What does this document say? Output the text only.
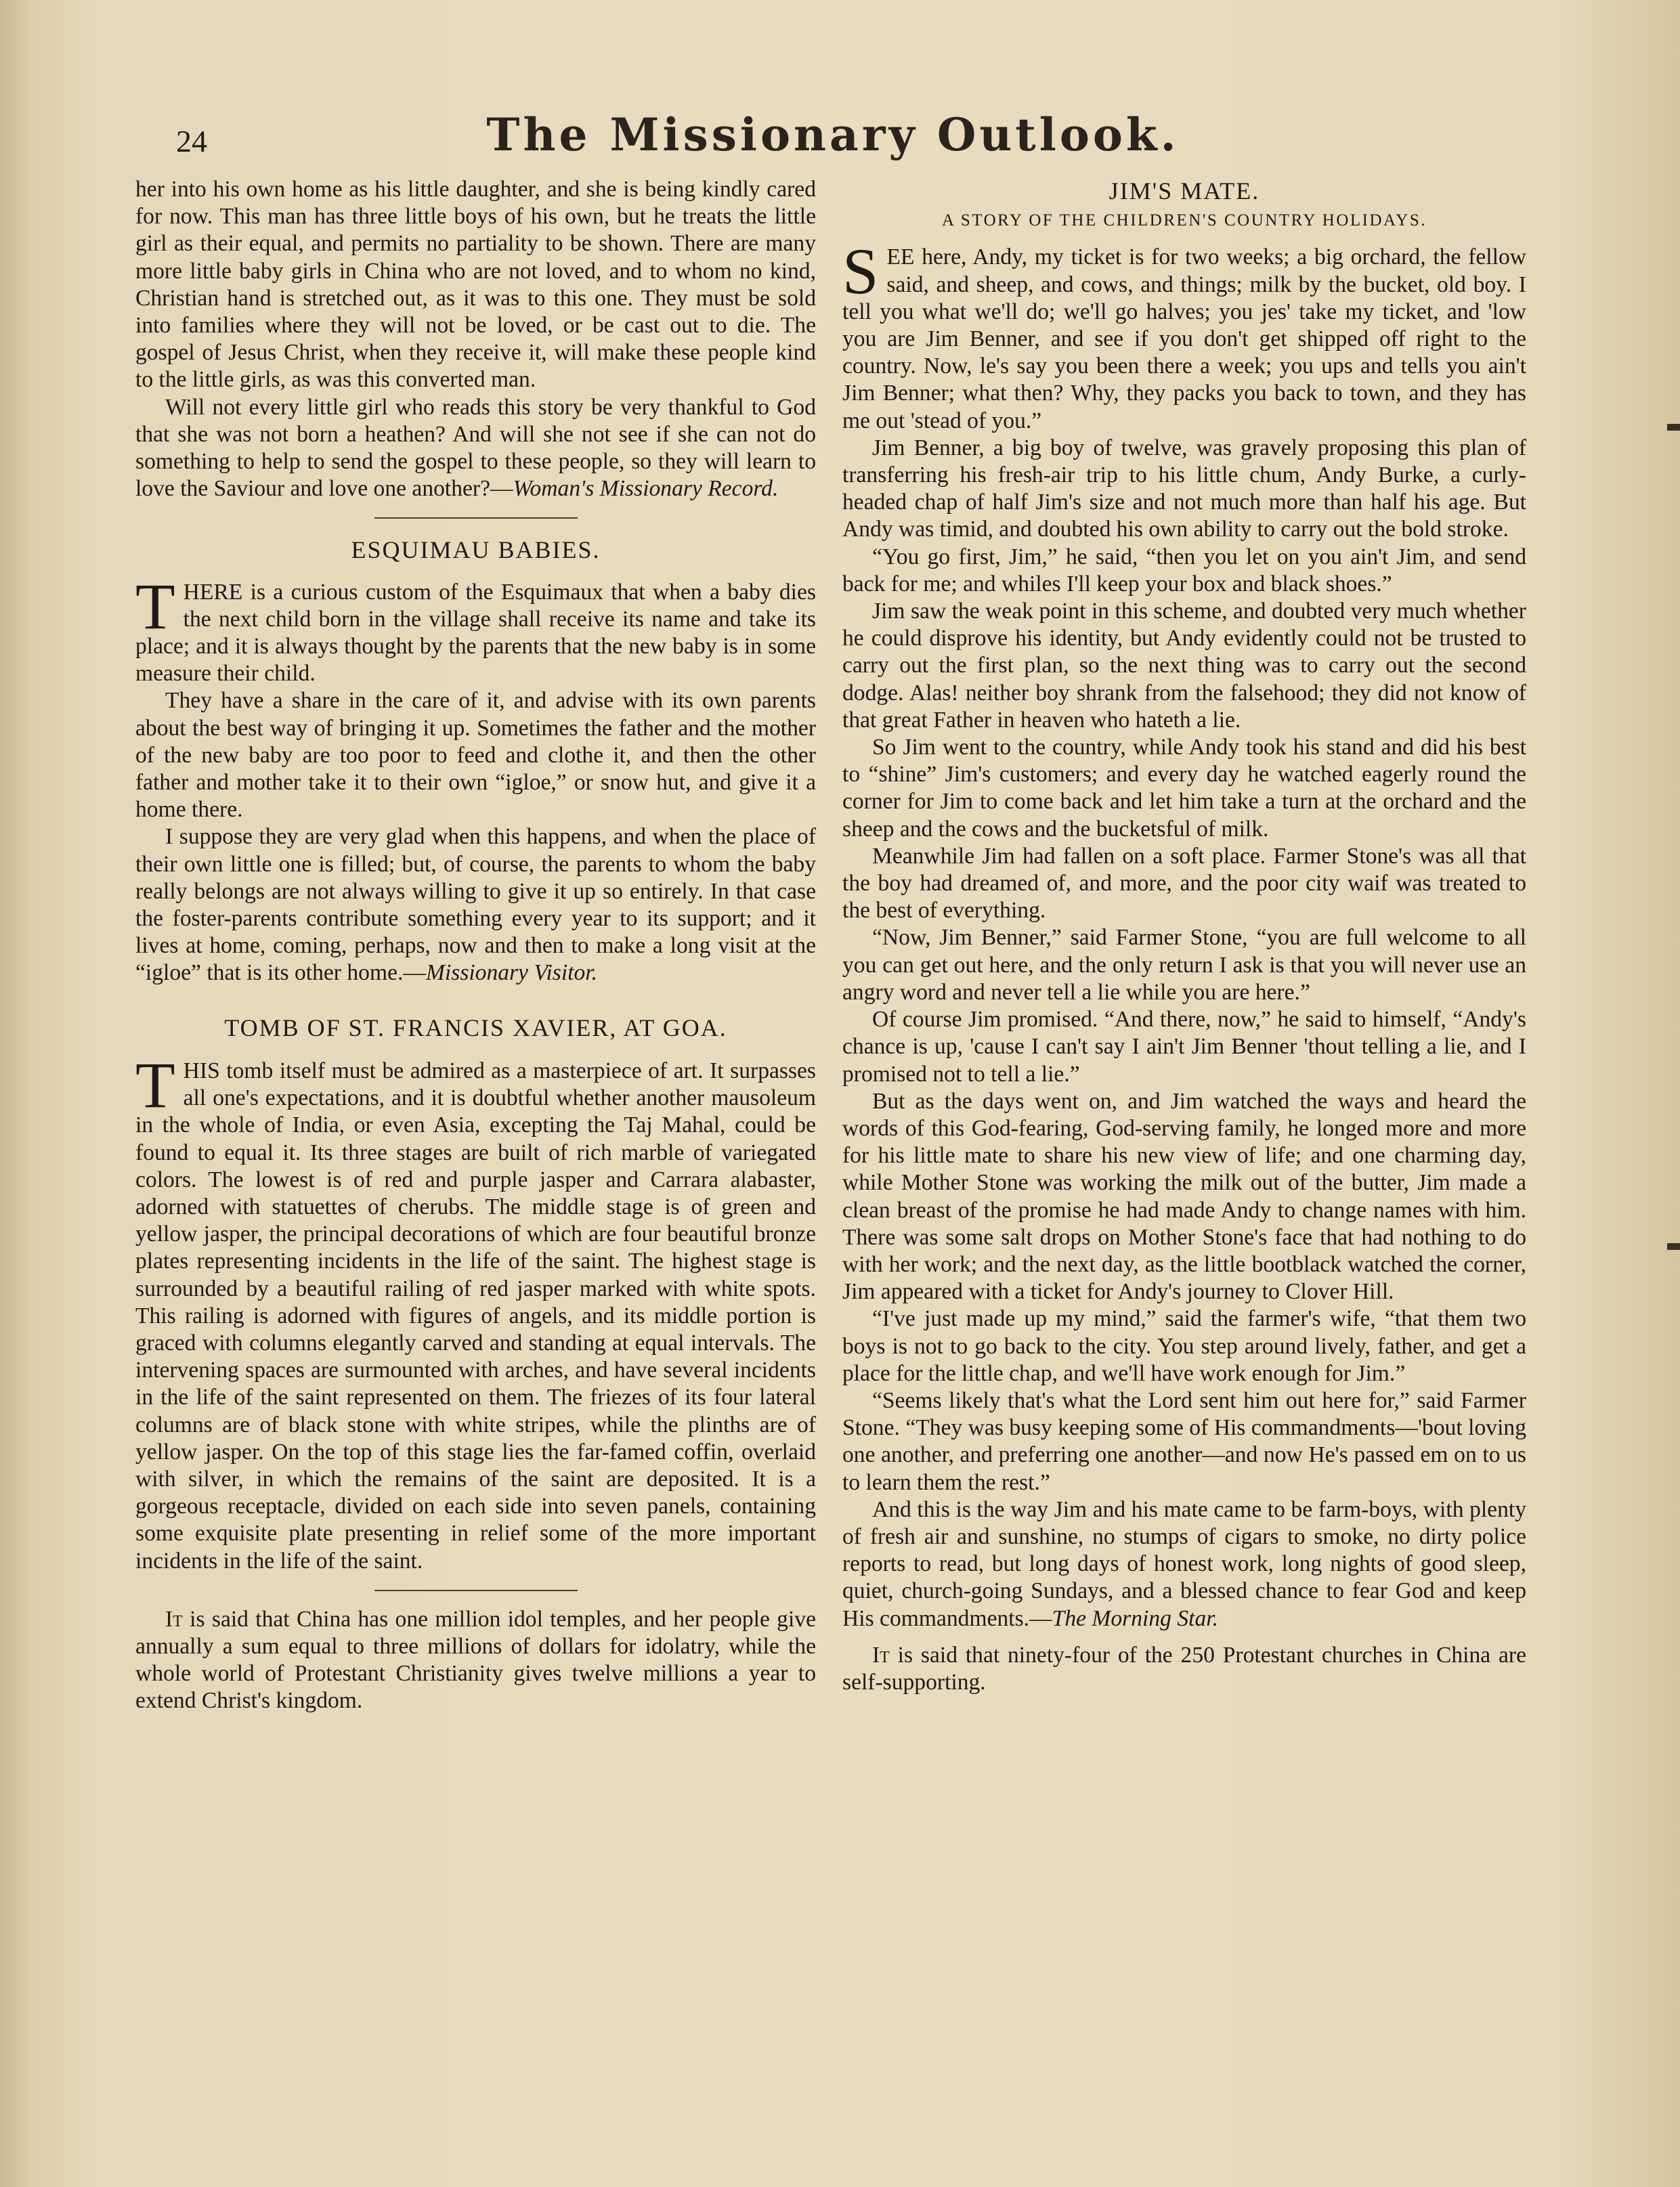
24	The Missionary Outlook.

her into his own home as his little daughter, and she is being kindly cared for now. This man has three little boys of his own, but he treats the little girl as their equal, and permits no partiality to be shown. There are many more little baby girls in China who are not loved, and to whom no kind, Christian hand is stretched out, as it was to this one. They must be sold into families where they will not be loved, or be cast out to die. The gospel of Jesus Christ, when they receive it, will make these people kind to the little girls, as was this converted man.

Will not every little girl who reads this story be very thankful to God that she was not born a heathen? And will she not see if she can not do something to help to send the gospel to these people, so they will learn to love the Saviour and love one another?—Woman's Missionary Record.

ESQUIMAU BABIES.

THERE is a curious custom of the Esquimaux that when a baby dies the next child born in the village shall receive its name and take its place; and it is always thought by the parents that the new baby is in some measure their child.

They have a share in the care of it, and advise with its own parents about the best way of bringing it up. Sometimes the father and the mother of the new baby are too poor to feed and clothe it, and then the other father and mother take it to their own “igloe,” or snow hut, and give it a home there.

I suppose they are very glad when this happens, and when the place of their own little one is filled; but, of course, the parents to whom the baby really belongs are not always willing to give it up so entirely. In that case the foster-parents contribute something every year to its support; and it lives at home, coming, perhaps, now and then to make a long visit at the “igloe” that is its other home.—Missionary Visitor.

TOMB OF ST. FRANCIS XAVIER, AT GOA.

THIS tomb itself must be admired as a masterpiece of art. It surpasses all one's expectations, and it is doubtful whether another mausoleum in the whole of India, or even Asia, excepting the Taj Mahal, could be found to equal it. Its three stages are built of rich marble of variegated colors. The lowest is of red and purple jasper and Carrara alabaster, adorned with statuettes of cherubs. The middle stage is of green and yellow jasper, the principal decorations of which are four beautiful bronze plates representing incidents in the life of the saint. The highest stage is surrounded by a beautiful railing of red jasper marked with white spots. This railing is adorned with figures of angels, and its middle portion is graced with columns elegantly carved and standing at equal intervals. The intervening spaces are surmounted with arches, and have several incidents in the life of the saint represented on them. The friezes of its four lateral columns are of black stone with white stripes, while the plinths are of yellow jasper. On the top of this stage lies the far-famed coffin, overlaid with silver, in which the remains of the saint are deposited. It is a gorgeous receptacle, divided on each side into seven panels, containing some exquisite plate presenting in relief some of the more important incidents in the life of the saint.

It is said that China has one million idol temples, and her people give annually a sum equal to three millions of dollars for idolatry, while the whole world of Protestant Christianity gives twelve millions a year to extend Christ's kingdom.

JIM'S MATE.
A STORY OF THE CHILDREN'S COUNTRY HOLIDAYS.

SEE here, Andy, my ticket is for two weeks; a big orchard, the fellow said, and sheep, and cows, and things; milk by the bucket, old boy. I tell you what we'll do; we'll go halves; you jes' take my ticket, and 'low you are Jim Benner, and see if you don't get shipped off right to the country. Now, le's say you been there a week; you ups and tells you ain't Jim Benner; what then? Why, they packs you back to town, and they has me out 'stead of you.”

Jim Benner, a big boy of twelve, was gravely proposing this plan of transferring his fresh-air trip to his little chum, Andy Burke, a curly-headed chap of half Jim's size and not much more than half his age. But Andy was timid, and doubted his own ability to carry out the bold stroke.

“You go first, Jim,” he said, “then you let on you ain't Jim, and send back for me; and whiles I'll keep your box and black shoes.”

Jim saw the weak point in this scheme, and doubted very much whether he could disprove his identity, but Andy evidently could not be trusted to carry out the first plan, so the next thing was to carry out the second dodge. Alas! neither boy shrank from the falsehood; they did not know of that great Father in heaven who hateth a lie.

So Jim went to the country, while Andy took his stand and did his best to “shine” Jim's customers; and every day he watched eagerly round the corner for Jim to come back and let him take a turn at the orchard and the sheep and the cows and the bucketsful of milk.

Meanwhile Jim had fallen on a soft place. Farmer Stone's was all that the boy had dreamed of, and more, and the poor city waif was treated to the best of everything.

“Now, Jim Benner,” said Farmer Stone, “you are full welcome to all you can get out here, and the only return I ask is that you will never use an angry word and never tell a lie while you are here.”

Of course Jim promised. “And there, now,” he said to himself, “Andy's chance is up, 'cause I can't say I ain't Jim Benner 'thout telling a lie, and I promised not to tell a lie.”

But as the days went on, and Jim watched the ways and heard the words of this God-fearing, God-serving family, he longed more and more for his little mate to share his new view of life; and one charming day, while Mother Stone was working the milk out of the butter, Jim made a clean breast of the promise he had made Andy to change names with him. There was some salt drops on Mother Stone's face that had nothing to do with her work; and the next day, as the little bootblack watched the corner, Jim appeared with a ticket for Andy's journey to Clover Hill.

“I've just made up my mind,” said the farmer's wife, “that them two boys is not to go back to the city. You step around lively, father, and get a place for the little chap, and we'll have work enough for Jim.”

“Seems likely that's what the Lord sent him out here for,” said Farmer Stone. “They was busy keeping some of His commandments—'bout loving one another, and preferring one another—and now He's passed em on to us to learn them the rest.”

And this is the way Jim and his mate came to be farm-boys, with plenty of fresh air and sunshine, no stumps of cigars to smoke, no dirty police reports to read, but long days of honest work, long nights of good sleep, quiet, church-going Sundays, and a blessed chance to fear God and keep His commandments.—The Morning Star.

It is said that ninety-four of the 250 Protestant churches in China are self-supporting.
